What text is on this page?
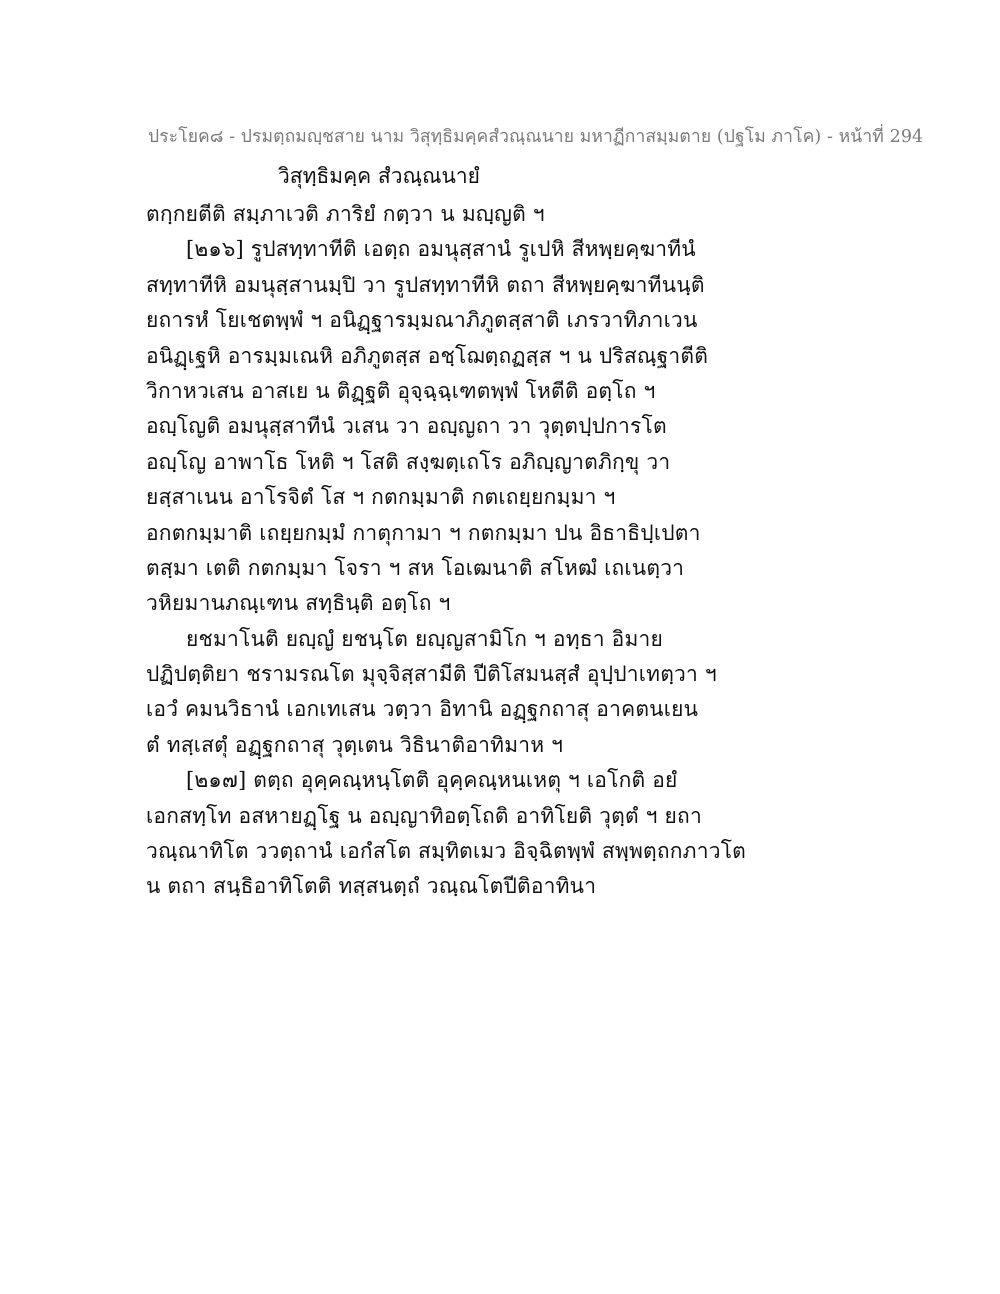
ประโยค๘ - ปรมตฺถมญฺชสาย นาม วิสุทฺธิมคฺคสํวณฺณนาย มหาฏีกาสมฺมตาย (ปฐโม ภาโค) - หน้าที่ 294
วิสุทฺธิมคฺค สํวณฺณนายํ
ตกฺกยตีติ สมฺภาเวติ ภาริยํ กตฺวา น มญฺญติ ฯ
[๒๑๖] รูปสทฺทาทีติ เอตฺถ อมนุสฺสานํ รูเปหิ สีหพฺยคฺฆาทีนํ
สทฺทาทีหิ อมนุสฺสานมฺปิ วา รูปสทฺทาทีหิ ตถา สีหพฺยคฺฆาทีนนฺติ
ยถารหํ โยเชตพฺพํ ฯ อนิฏฺฐารมฺมณาภิภูตสฺสาติ เภรวาทิภาเวน
อนิฏฺเฐหิ อารมฺมเณหิ อภิภูตสฺส อชฺโฌตฺถฏสฺส ฯ น ปริสณฺฐาตีติ
วิกาหวเสน อาสเย น ติฏฺฐติ อุจฺฉฺฉฺเฑตพฺพํ โหตีติ อตฺโถ ฯ
อญฺโญติ อมนุสฺสาทีนํ วเสน วา อญฺญถา วา วุตฺตปฺปการโต
อญฺโญ อาพาโธ โหติ ฯ โสติ สงฺฆตฺเถโร อภิญฺญาตภิกฺขุ วา
ยสฺสาเนน อาโรจิตํ โส ฯ กตกมฺมาติ กตเถยฺยกมฺมา ฯ
อกตกมฺมาติ เถยฺยกมฺมํ กาตุกามา ฯ กตกมฺมา ปน อิธาธิปฺเปตา
ตสฺมา เตติ กตกมฺมา โจรา ฯ สห โอเฒนาติ สโหฒํ เถเนตฺวา
วหิยมานภณฺเฑน สทฺธินฺติ อตฺโถ ฯ
ยชมาโนติ ยญฺญํ ยชนฺโต ยญฺญสามิโก ฯ อทฺธา อิมาย
ปฏิปตฺติยา ชรามรณโต มุจฺจิสฺสามีติ ปีติโสมนสฺสํ อุปฺปาเทตฺวา ฯ
เอวํ คมนวิธานํ เอกเทเสน วตฺวา อิทานิ อฏฺฐกถาสุ อาคตนเยน
ตํ ทสฺเสตุํ อฏฺฐกถาสุ วุตฺเตน วิธินาติอาทิมาห ฯ
[๒๑๗] ตตฺถ อุคฺคณฺหนฺโตติ อุคฺคณฺหนเหตุ ฯ เอโกติ อยํ
เอกสทฺโท อสหายฏฺโฐ น อญฺญาทิอตฺโถติ อาทิโยติ วุตฺตํ ฯ ยถา
วณฺณาทิโต ววตฺถานํ เอกํสโต สมฺทิตเมว อิจฺฉิตพฺพํ สพฺพตฺถกภาวโต
น ตถา สนฺธิอาทิโตติ ทสฺสนตฺถํ วณฺณโตปีติอาทินา
